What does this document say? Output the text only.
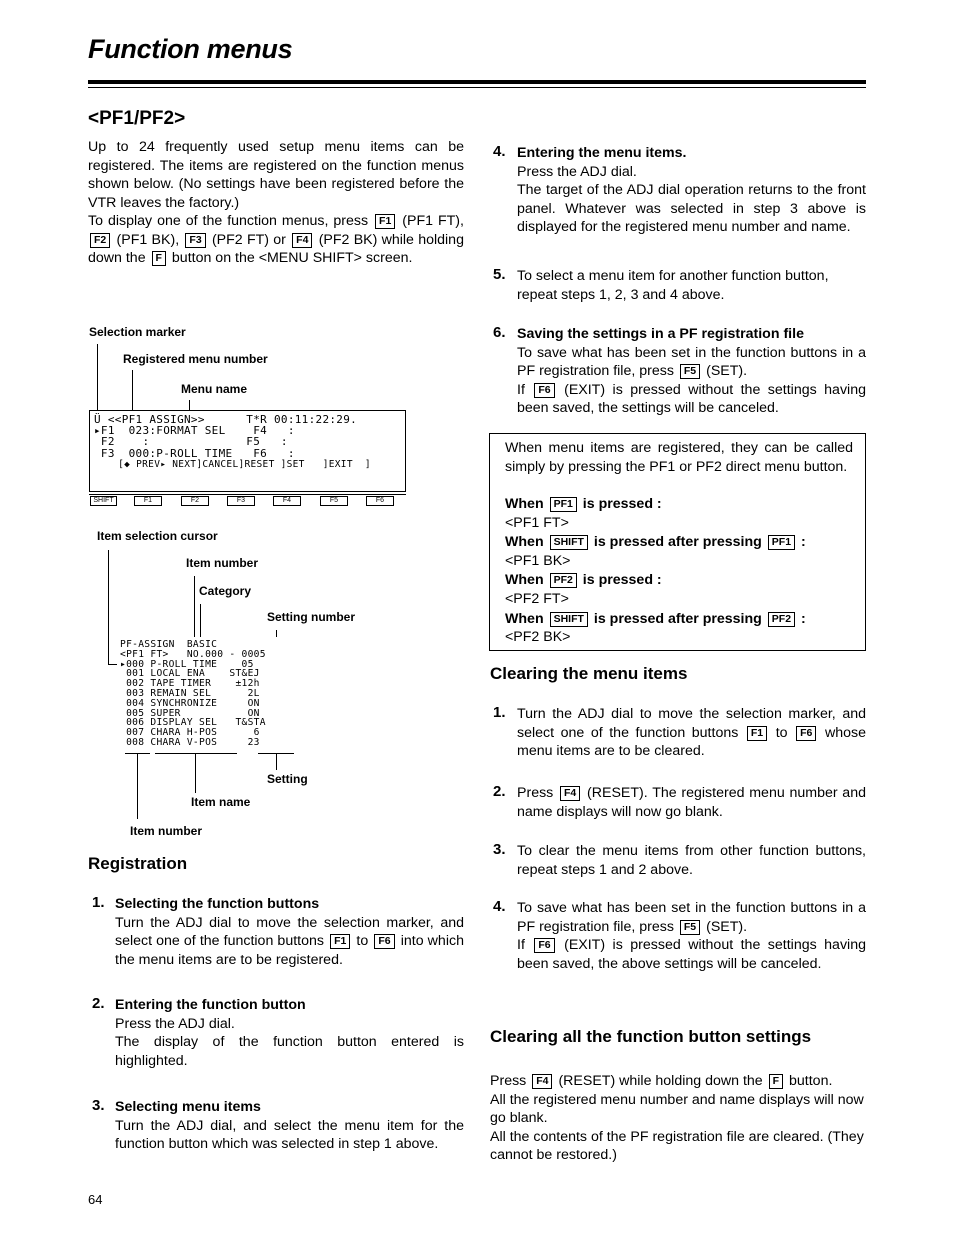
Function menus
<PF1/PF2>
Up to 24 frequently used setup menu items can be registered. The items are registered on the function menus shown below. (No settings have been registered before the VTR leaves the factory.)
To display one of the function menus, press F1 (PF1 FT), F2 (PF1 BK), F3 (PF2 FT) or F4 (PF2 BK) while holding down the F button on the <MENU SHIFT> screen.
Selection marker
Registered menu number
Menu name
Ü <<PF1 ASSIGN>>      T*R 00:11:22:29.
▸F1  023:FORMAT SEL    F4   :
F2    :              F5   :
F3  000:P-ROLL TIME   F6   :
[◆ PREV▸ NEXT]CANCEL]RESET ]SET   ]EXIT  ]
SHIFT	F1	F2	F3	F4	F5	F6
Item selection cursor
Item number
Category
Setting number
PF-ASSIGN  BASIC
<PF1 FT>   NO.000 - 0005
▸000 P-ROLL TIME    05
001 LOCAL ENA    ST&EJ
002 TAPE TIMER    ±12h
003 REMAIN SEL      2L
004 SYNCHRONIZE     ON
005 SUPER           ON
006 DISPLAY SEL   T&STA
007 CHARA H-POS      6
008 CHARA V-POS     23
Setting
Item name
Item number
Registration
1. Selecting the function buttons
Turn the ADJ dial to move the selection marker, and select one of the function buttons F1 to F6 into which the menu items are to be registered.
2. Entering the function button
Press the ADJ dial.
The display of the function button entered is highlighted.
3. Selecting menu items
Turn the ADJ dial, and select the menu item for the function button which was selected in step 1 above.
4. Entering the menu items.
Press the ADJ dial.
The target of the ADJ dial operation returns to the front panel. Whatever was selected in step 3 above is displayed for the registered menu number and name.
5. To select a menu item for another function button, repeat steps 1, 2, 3 and 4 above.
6. Saving the settings in a PF registration file
To save what has been set in the function buttons in a PF registration file, press F5 (SET).
If F6 (EXIT) is pressed without the settings having been saved, the settings will be canceled.
When menu items are registered, they can be called simply by pressing the PF1 or PF2 direct menu button.
When PF1 is pressed :
<PF1 FT>
When SHIFT is pressed after pressing PF1 :
<PF1 BK>
When PF2 is pressed :
<PF2 FT>
When SHIFT is pressed after pressing PF2 :
<PF2 BK>
Clearing the menu items
1. Turn the ADJ dial to move the selection marker, and select one of the function buttons F1 to F6 whose menu items are to be cleared.
2. Press F4 (RESET). The registered menu number and name displays will now go blank.
3. To clear the menu items from other function buttons, repeat steps 1 and 2 above.
4. To save what has been set in the function buttons in a PF registration file, press F5 (SET).
If F6 (EXIT) is pressed without the settings having been saved, the above settings will be canceled.
Clearing all the function button settings
Press F4 (RESET) while holding down the F button.
All the registered menu number and name displays will now go blank.
All the contents of the PF registration file are cleared. (They cannot be restored.)
64
